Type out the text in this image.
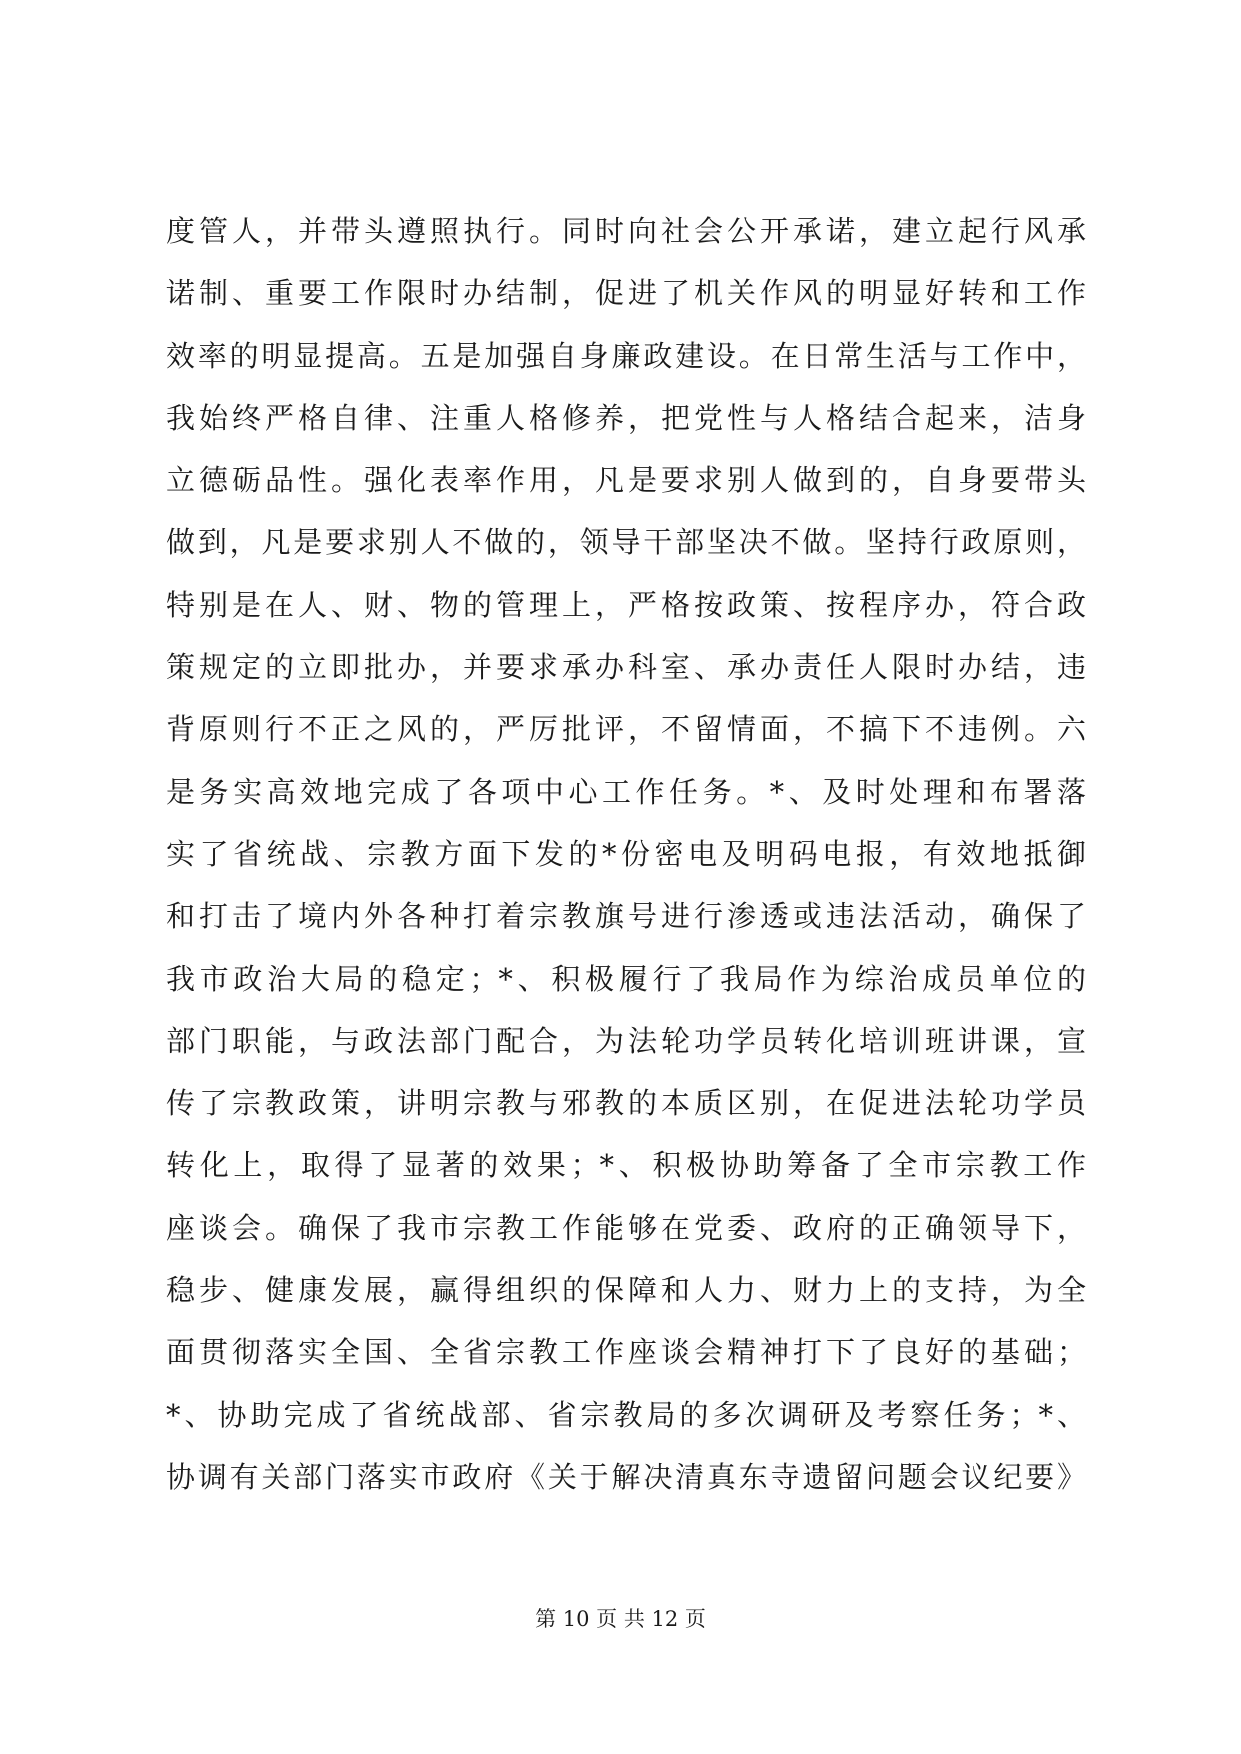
度管人，并带头遵照执行。同时向社会公开承诺，建立起行风承
诺制、重要工作限时办结制，促进了机关作风的明显好转和工作
效率的明显提高。五是加强自身廉政建设。在日常生活与工作中，
我始终严格自律、注重人格修养，把党性与人格结合起来，洁身
立德砺品性。强化表率作用，凡是要求别人做到的，自身要带头
做到，凡是要求别人不做的，领导干部坚决不做。坚持行政原则，
特别是在人、财、物的管理上，严格按政策、按程序办，符合政
策规定的立即批办，并要求承办科室、承办责任人限时办结，违
背原则行不正之风的，严厉批评，不留情面，不搞下不违例。六
是务实高效地完成了各项中心工作任务。*、及时处理和布署落
实了省统战、宗教方面下发的*份密电及明码电报，有效地抵御
和打击了境内外各种打着宗教旗号进行渗透或违法活动，确保了
我市政治大局的稳定；*、积极履行了我局作为综治成员单位的
部门职能，与政法部门配合，为法轮功学员转化培训班讲课，宣
传了宗教政策，讲明宗教与邪教的本质区别，在促进法轮功学员
转化上，取得了显著的效果；*、积极协助筹备了全市宗教工作
座谈会。确保了我市宗教工作能够在党委、政府的正确领导下，
稳步、健康发展，赢得组织的保障和人力、财力上的支持，为全
面贯彻落实全国、全省宗教工作座谈会精神打下了良好的基础；
*、协助完成了省统战部、省宗教局的多次调研及考察任务；*、
协调有关部门落实市政府《关于解决清真东寺遗留问题会议纪要》
第 10 页 共 12 页
